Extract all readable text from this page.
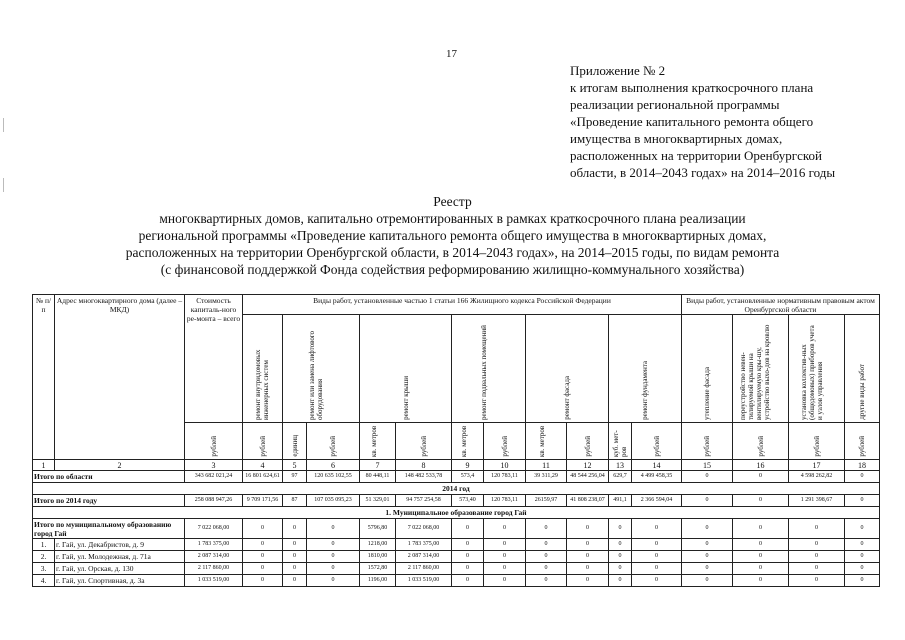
17
Приложение № 2
к итогам выполнения краткосрочного плана
реализации региональной программы
«Проведение капитального ремонта общего
имущества в многоквартирных домах,
расположенных на территории Оренбургской
области, в 2014–2043 годах» на 2014–2016 годы
Реестр
многоквартирных домов, капитально отремонтированных в рамках краткосрочного плана реализации
региональной программы «Проведение капитального ремонта общего имущества в многоквартирных домах,
расположенных на территории Оренбургской области, в 2014–2043 годах», на 2014–2015 годы, по видам ремонта
(с финансовой поддержкой Фонда содействия реформированию жилищно-коммунального хозяйства)
№ п/п	Адрес многоквартирного дома (далее – МКД)	Стоимость капиталь-ного ре-монта – всего	Виды работ, установленные частью 1 статьи 166 Жилищного кодекса Российской Федерации											Виды работ, установленные нормативным правовым актом Оренбургской области			
			ремонт внутридомовых инженерных систем	ремонт или замена лифтового оборудования		ремонт крыши		ремонт подвальных помещений		ремонт фасада		ремонт фундамента		утепление фасада	переустройство невен-тилируемой крыши на вентилируемую кры-шу, устройство выхо-дов на кровлю	установка коллектив-ных (общедомовых) приборов учета и узлов управления	другие виды работ
		рублей	рублей	единиц	рублей	кв. метров	рублей	кв. метров	рублей	кв. метров	рублей	куб. мет-ров	рублей	рублей	рублей	рублей	рублей
1	2	3	4	5	6	7	8	9	10	11	12	13	14	15	16	17	18
Итого по области		343 682 021,24	16 801 624,61	97	120 635 102,55	80 448,11	148 482 533,78	573,4	120 783,11	39 311,29	48 544 256,04	629,7	4 499 458,35	0	0	4 598 262,82	0
2014 год																	
Итого по 2014 году		258 088 947,26	9 709 171,56	87	107 035 095,23	51 329,01	94 757 254,58	573,40	120 783,11	26159,97	41 808 238,07	491,1	2 366 594,04	0	0	1 291 398,67	0
1. Муниципальное образование город Гай																	
Итого по муниципальному образованию город Гай		7 022 068,00	0	0	0	5796,80	7 022 068,00	0	0	0	0	0	0	0	0	0	0
1.	г. Гай, ул. Декабристов, д. 9	1 783 375,00	0	0	0	1218,00	1 783 375,00	0	0	0	0	0	0	0	0	0	0
2.	г. Гай, ул. Молодежная, д. 71а	2 087 314,00	0	0	0	1810,00	2 087 314,00	0	0	0	0	0	0	0	0	0	0
3.	г. Гай, ул. Орская, д. 130	2 117 860,00	0	0	0	1572,80	2 117 860,00	0	0	0	0	0	0	0	0	0	0
4.	г. Гай, ул. Спортивная, д. 3а	1 033 519,00	0	0	0	1196,00	1 033 519,00	0	0	0	0	0	0	0	0	0	0
